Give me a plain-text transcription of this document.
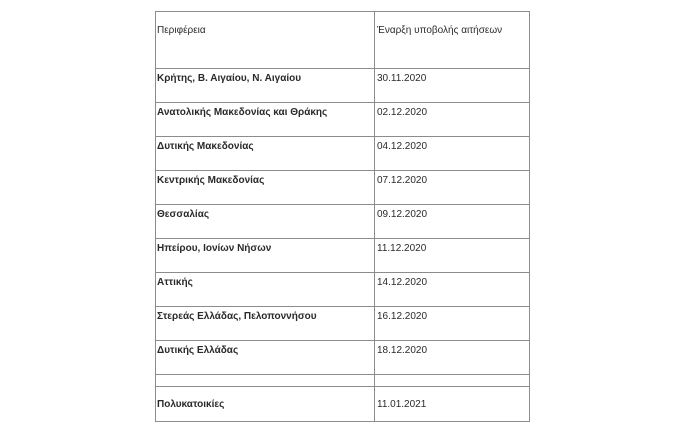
Περιφέρεια	Έναρξη υποβολής αιτήσεων
Κρήτης, Β. Αιγαίου, Ν. Αιγαίου	30.11.2020
Ανατολικής Μακεδονίας και Θράκης	02.12.2020
Δυτικής Μακεδονίας	04.12.2020
Κεντρικής Μακεδονίας	07.12.2020
Θεσσαλίας	09.12.2020
Ηπείρου, Ιονίων Νήσων	11.12.2020
Αττικής	14.12.2020
Στερεάς Ελλάδας, Πελοποννήσου	16.12.2020
Δυτικής Ελλάδας	18.12.2020

Πολυκατοικίες	11.01.2021
